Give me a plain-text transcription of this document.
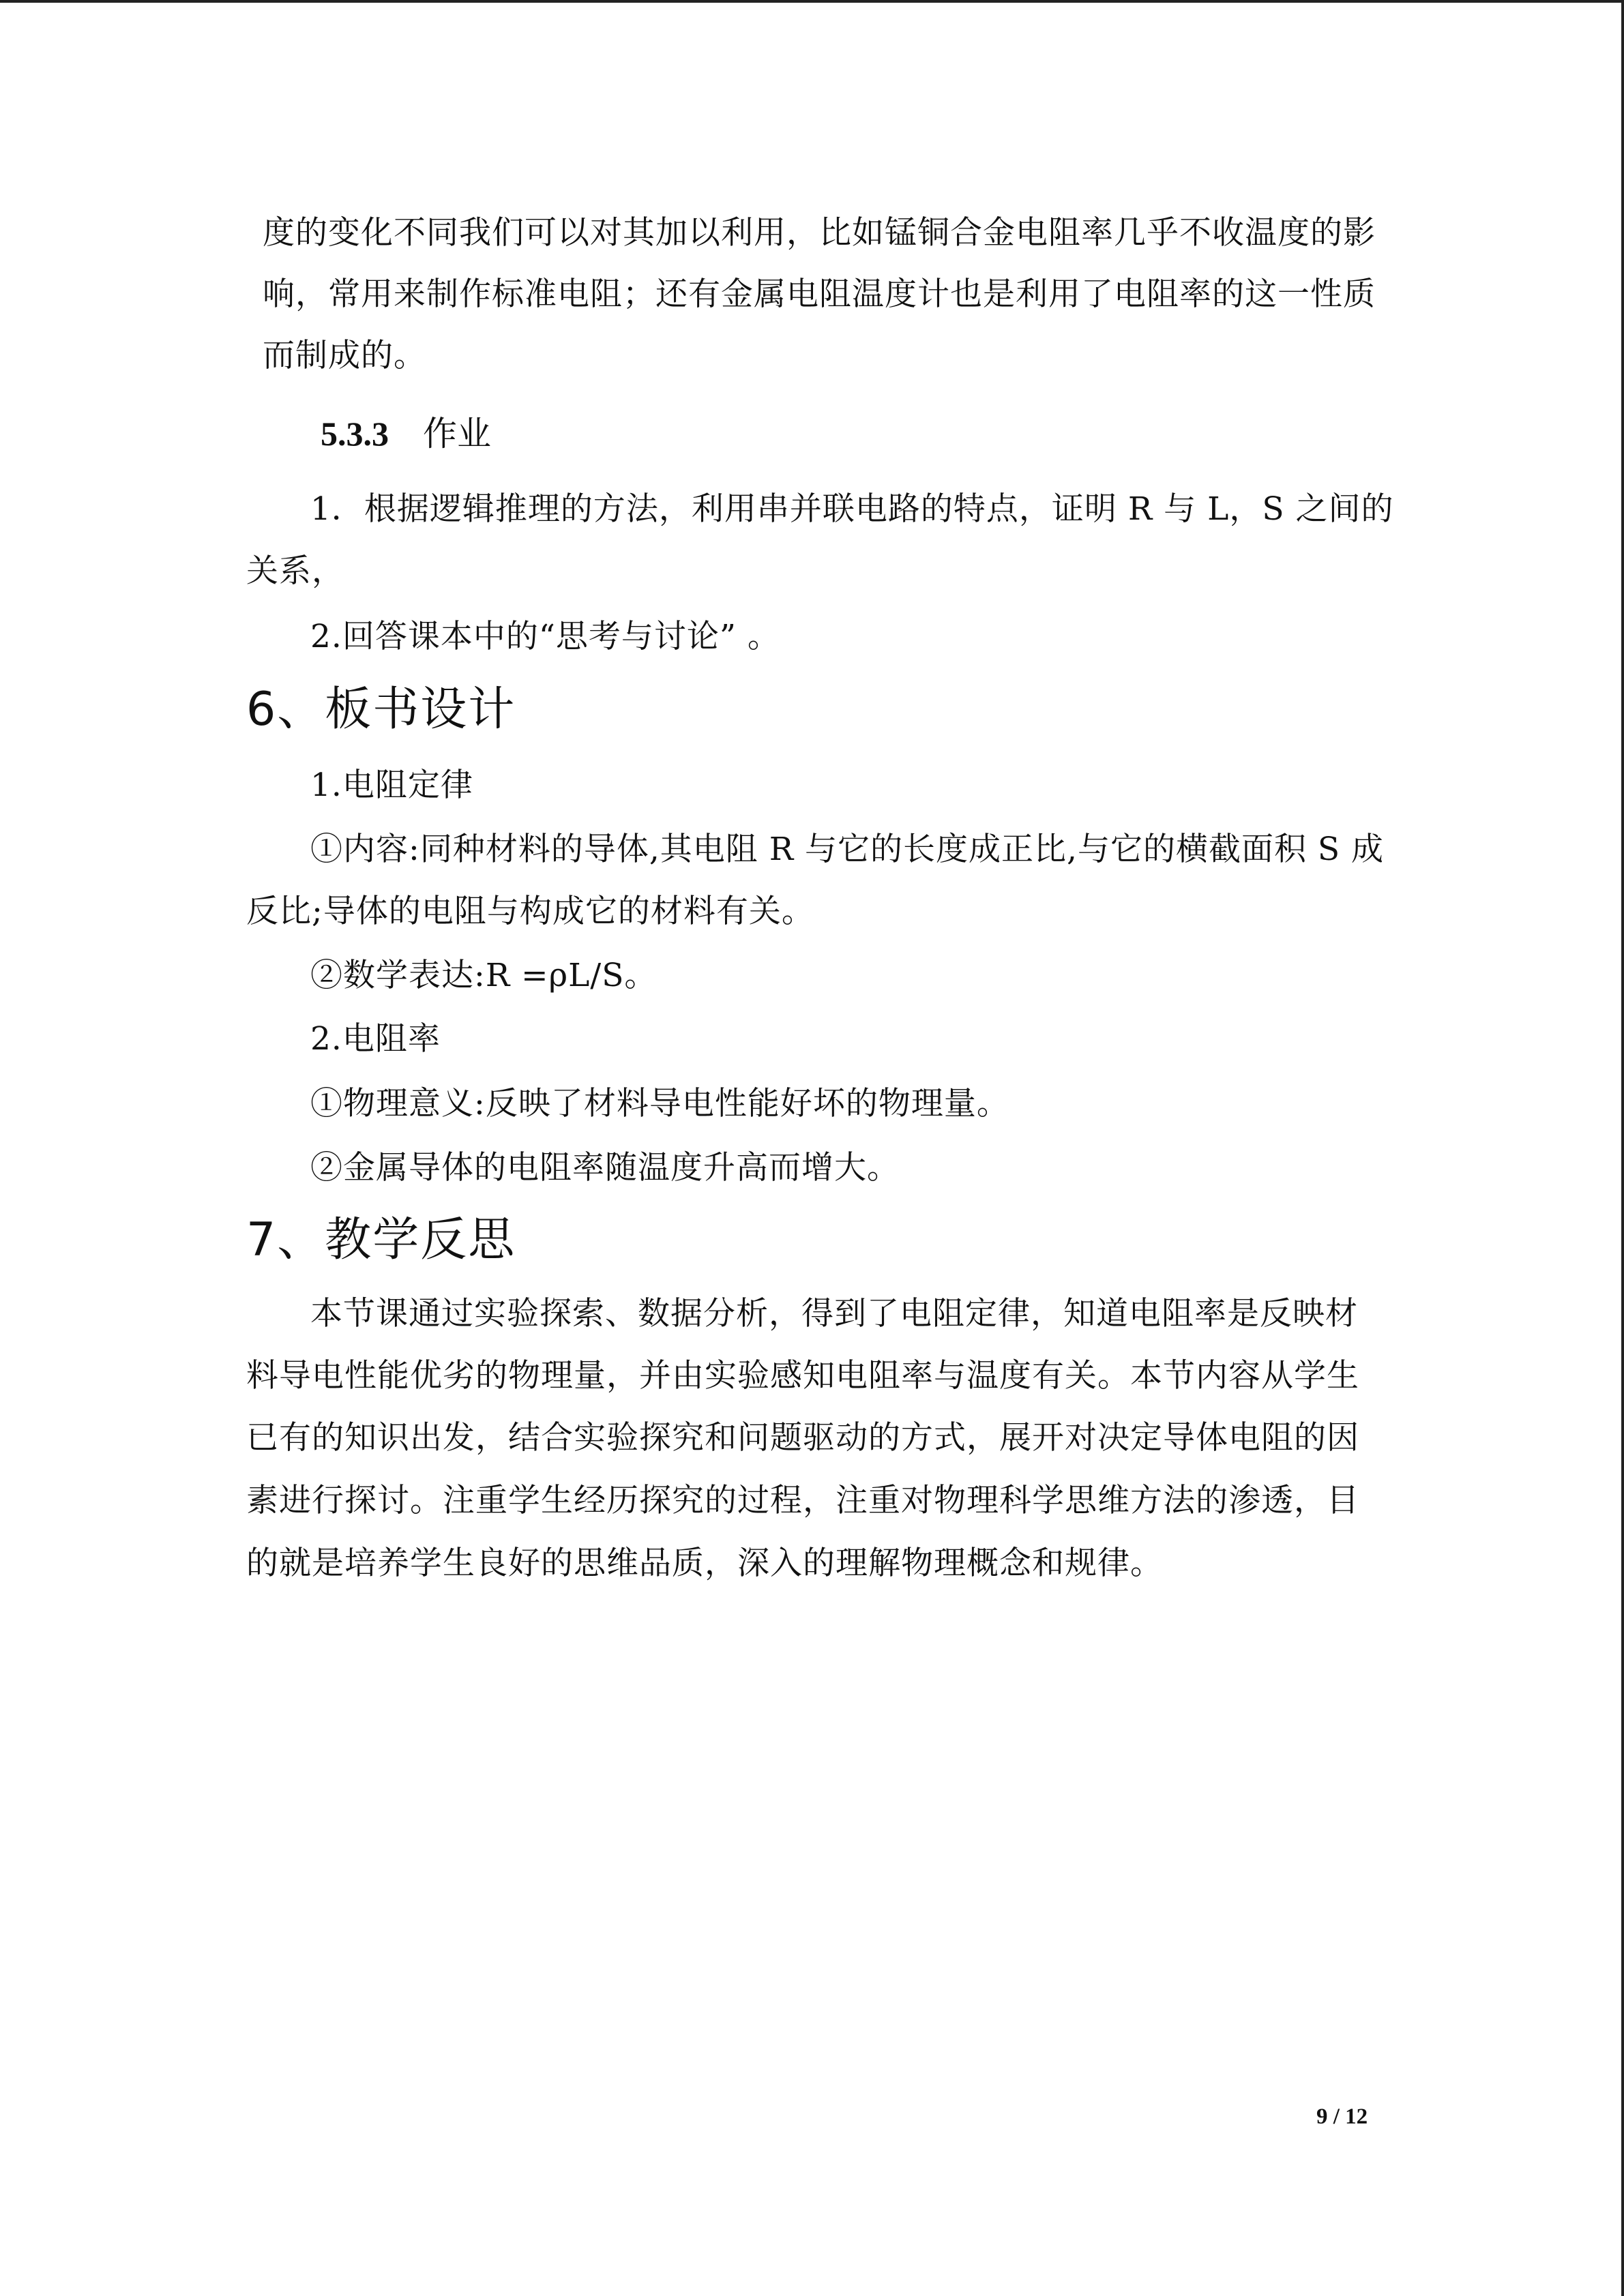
度的变化不同我们可以对其加以利用，比如锰铜合金电阻率几乎不收温度的影
响，常用来制作标准电阻；还有金属电阻温度计也是利用了电阻率的这一性质
而制成的。
5.3.3 作业
1．根据逻辑推理的方法，利用串并联电路的特点，证明 R 与 L，S 之间的
关系，
2.回答课本中的“思考与讨论” 。
6、板书设计
1.电阻定律
①内容:同种材料的导体,其电阻 R 与它的长度成正比,与它的横截面积 S 成
反比;导体的电阻与构成它的材料有关。
②数学表达:R =ρL/S。
2.电阻率
①物理意义:反映了材料导电性能好坏的物理量。
②金属导体的电阻率随温度升高而增大。
7、教学反思
本节课通过实验探索、数据分析，得到了电阻定律，知道电阻率是反映材
料导电性能优劣的物理量，并由实验感知电阻率与温度有关。本节内容从学生
已有的知识出发，结合实验探究和问题驱动的方式，展开对决定导体电阻的因
素进行探讨。注重学生经历探究的过程，注重对物理科学思维方法的渗透，目
的就是培养学生良好的思维品质，深入的理解物理概念和规律。
9 / 12
